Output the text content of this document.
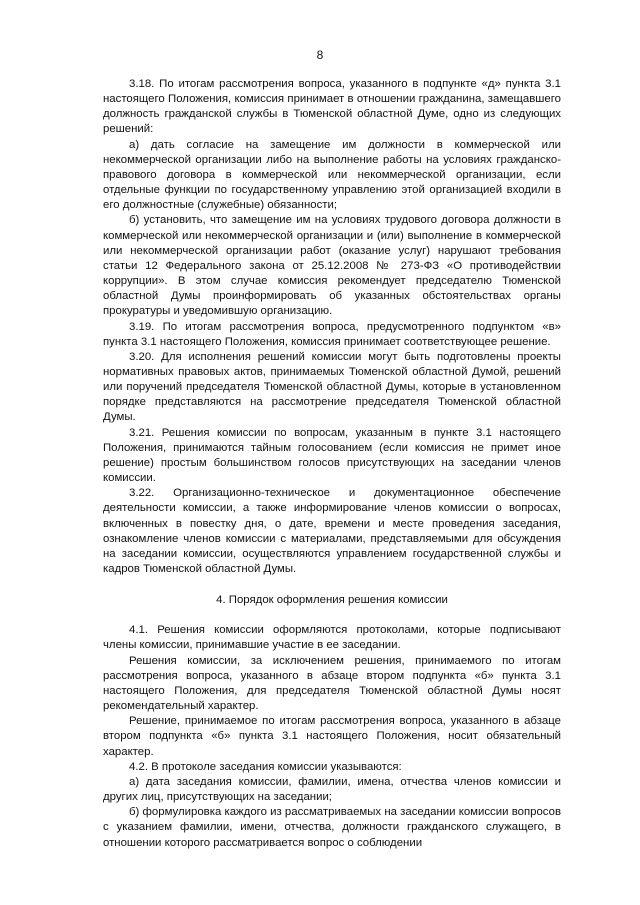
8

3.18. По итогам рассмотрения вопроса, указанного в подпункте «д» пункта 3.1 настоящего Положения, комиссия принимает в отношении гражданина, замещавшего должность гражданской службы в Тюменской областной Думе, одно из следующих решений:

а) дать согласие на замещение им должности в коммерческой или некоммерческой организации либо на выполнение работы на условиях гражданско-правового договора в коммерческой или некоммерческой организации, если отдельные функции по государственному управлению этой организацией входили в его должностные (служебные) обязанности;

б) установить, что замещение им на условиях трудового договора должности в коммерческой или некоммерческой организации и (или) выполнение в коммерческой или некоммерческой организации работ (оказание услуг) нарушают требования статьи 12 Федерального закона от 25.12.2008 № 273-ФЗ «О противодействии коррупции». В этом случае комиссия рекомендует председателю Тюменской областной Думы проинформировать об указанных обстоятельствах органы прокуратуры и уведомившую организацию.

3.19. По итогам рассмотрения вопроса, предусмотренного подпунктом «в» пункта 3.1 настоящего Положения, комиссия принимает соответствующее решение.

3.20. Для исполнения решений комиссии могут быть подготовлены проекты нормативных правовых актов, принимаемых Тюменской областной Думой, решений или поручений председателя Тюменской областной Думы, которые в установленном порядке представляются на рассмотрение председателя Тюменской областной Думы.

3.21. Решения комиссии по вопросам, указанным в пункте 3.1 настоящего Положения, принимаются тайным голосованием (если комиссия не примет иное решение) простым большинством голосов присутствующих на заседании членов комиссии.

3.22. Организационно-техническое и документационное обеспечение деятельности комиссии, а также информирование членов комиссии о вопросах, включенных в повестку дня, о дате, времени и месте проведения заседания, ознакомление членов комиссии с материалами, представляемыми для обсуждения на заседании комиссии, осуществляются управлением государственной службы и кадров Тюменской областной Думы.

4. Порядок оформления решения комиссии

4.1. Решения комиссии оформляются протоколами, которые подписывают члены комиссии, принимавшие участие в ее заседании.

Решения комиссии, за исключением решения, принимаемого по итогам рассмотрения вопроса, указанного в абзаце втором подпункта «б» пункта 3.1 настоящего Положения, для председателя Тюменской областной Думы носят рекомендательный характер.

Решение, принимаемое по итогам рассмотрения вопроса, указанного в абзаце втором подпункта «б» пункта 3.1 настоящего Положения, носит обязательный характер.

4.2. В протоколе заседания комиссии указываются:

а) дата заседания комиссии, фамилии, имена, отчества членов комиссии и других лиц, присутствующих на заседании;

б) формулировка каждого из рассматриваемых на заседании комиссии вопросов с указанием фамилии, имени, отчества, должности гражданского служащего, в отношении которого рассматривается вопрос о соблюдении
